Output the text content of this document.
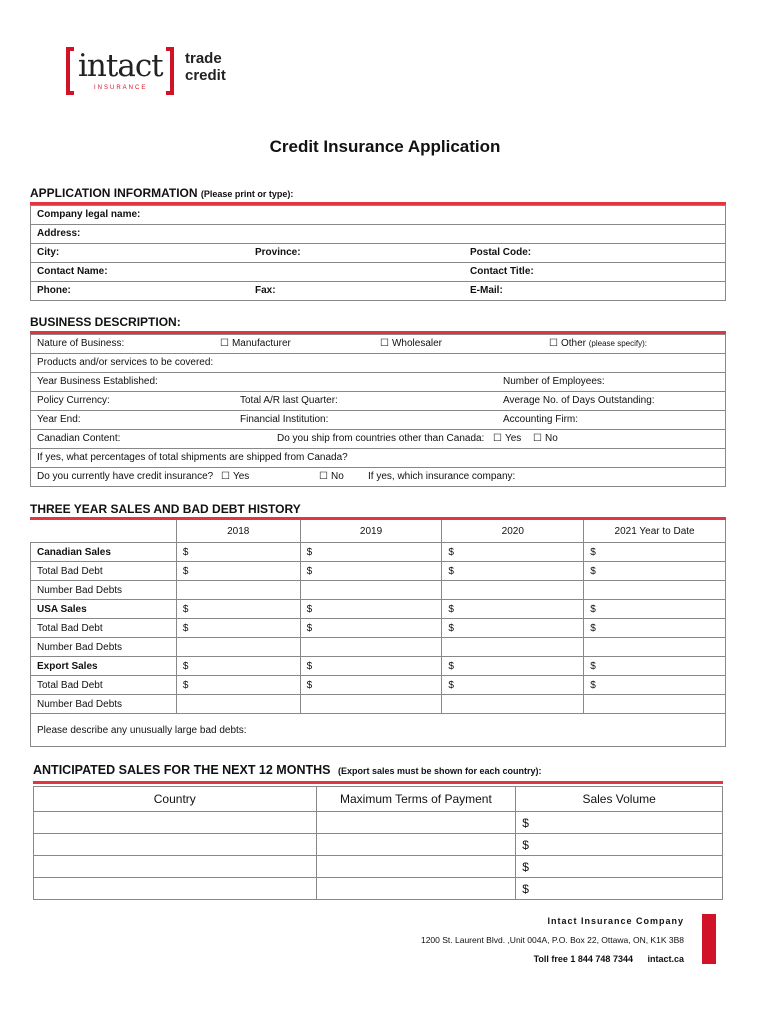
intact
INSURANCE
trade
credit
Credit Insurance Application
APPLICATION INFORMATION (Please print or type):
Company legal name:

Address:

City:	Province:	Postal Code:

Contact Name:	Contact Title:

Phone:	Fax:	E-Mail:
BUSINESS DESCRIPTION:
Nature of Business:	☐ Manufacturer	☐ Wholesaler	☐ Other (please specify):

Products and/or services to be covered:

Year Business Established:	Number of Employees:

Policy Currency:	Total A/R last Quarter:	Average No. of Days Outstanding:

Year End:	Financial Institution:	Accounting Firm:

Canadian Content:	Do you ship from countries other than Canada:	☐ Yes	☐ No

If yes, what percentages of total shipments are shipped from Canada?

Do you currently have credit insurance?	☐ Yes	☐ No If yes, which insurance company:
THREE YEAR SALES AND BAD DEBT HISTORY
	2018	2019	2020	2021 Year to Date
Canadian Sales	$	$	$	$
Total Bad Debt	$	$	$	$
Number Bad Debts				
USA Sales	$	$	$	$
Total Bad Debt	$	$	$	$
Number Bad Debts				
Export Sales	$	$	$	$
Total Bad Debt	$	$	$	$
Number Bad Debts				
Please describe any unusually large bad debts:				
ANTICIPATED SALES FOR THE NEXT 12 MONTHS (Export sales must be shown for each country):
Country	Maximum Terms of Payment	Sales Volume
		$
		$
		$
		$
Intact Insurance Company
1200 St. Laurent Blvd. ,Unit 004A, P.O. Box 22, Ottawa, ON, K1K 3B8
Toll free 1 844 748 7344 intact.ca
